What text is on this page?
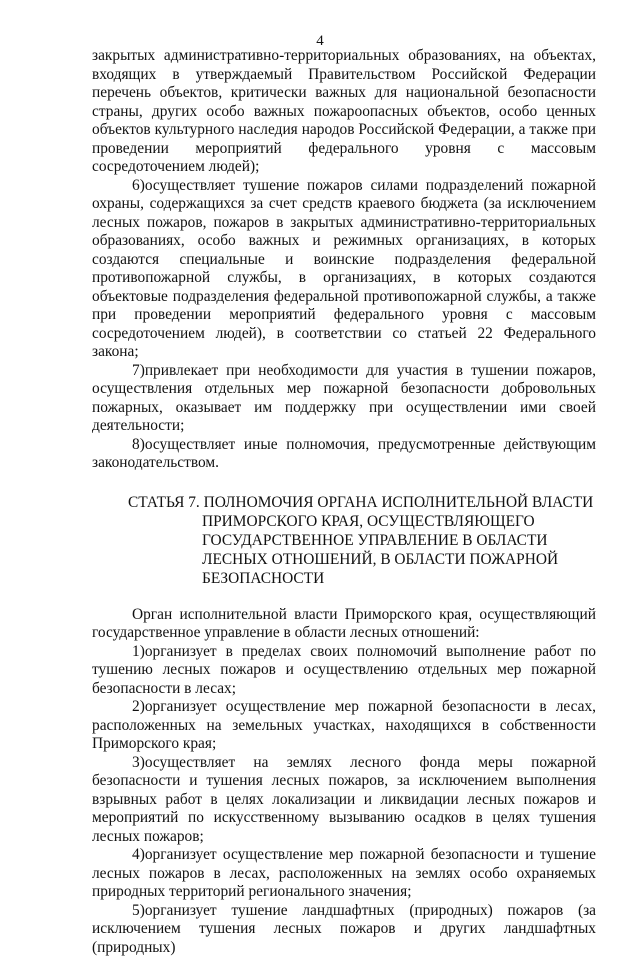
4

закрытых административно-территориальных образованиях, на объектах, входящих в утверждаемый Правительством Российской Федерации перечень объектов, критически важных для национальной безопасности страны, других особо важных пожароопасных объектов, особо ценных объектов культурного наследия народов Российской Федерации, а также при проведении мероприятий федерального уровня с массовым сосредоточением людей);

6)осуществляет тушение пожаров силами подразделений пожарной охраны, содержащихся за счет средств краевого бюджета (за исключением лесных пожаров, пожаров в закрытых административно-территориальных образованиях, особо важных и режимных организациях, в которых создаются специальные и воинские подразделения федеральной противопожарной службы, в организациях, в которых создаются объектовые подразделения федеральной противопожарной службы, а также при проведении мероприятий федерального уровня с массовым сосредоточением людей), в соответствии со статьей 22 Федерального закона;

7)привлекает при необходимости для участия в тушении пожаров, осуществления отдельных мер пожарной безопасности добровольных пожарных, оказывает им поддержку при осуществлении ими своей деятельности;

8)осуществляет иные полномочия, предусмотренные действующим законодательством.

СТАТЬЯ 7. ПОЛНОМОЧИЯ ОРГАНА ИСПОЛНИТЕЛЬНОЙ ВЛАСТИ ПРИМОРСКОГО КРАЯ, ОСУЩЕСТВЛЯЮЩЕГО ГОСУДАРСТВЕННОЕ УПРАВЛЕНИЕ В ОБЛАСТИ ЛЕСНЫХ ОТНОШЕНИЙ, В ОБЛАСТИ ПОЖАРНОЙ БЕЗОПАСНОСТИ

Орган исполнительной власти Приморского края, осуществляющий государственное управление в области лесных отношений:

1)организует в пределах своих полномочий выполнение работ по тушению лесных пожаров и осуществлению отдельных мер пожарной безопасности в лесах;

2)организует осуществление мер пожарной безопасности в лесах, расположенных на земельных участках, находящихся в собственности Приморского края;

3)осуществляет на землях лесного фонда меры пожарной безопасности и тушения лесных пожаров, за исключением выполнения взрывных работ в целях локализации и ликвидации лесных пожаров и мероприятий по искусственному вызыванию осадков в целях тушения лесных пожаров;

4)организует осуществление мер пожарной безопасности и тушение лесных пожаров в лесах, расположенных на землях особо охраняемых природных территорий регионального значения;

5)организует тушение ландшафтных (природных) пожаров (за исключением тушения лесных пожаров и других ландшафтных (природных)
